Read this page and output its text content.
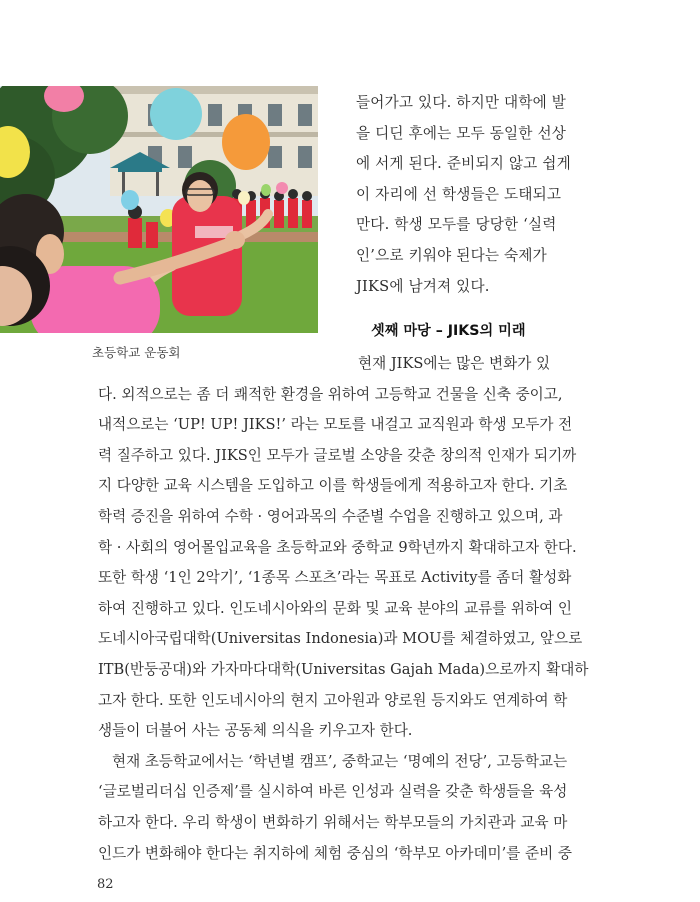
초등학교 운동회
들어가고 있다. 하지만 대학에 발
을 디딘 후에는 모두 동일한 선상
에 서게 된다. 준비되지 않고 쉽게
이 자리에 선 학생들은 도태되고
만다. 학생 모두를 당당한 ‘실력
인’으로 키워야 된다는 숙제가
JIKS에 남겨져 있다.
셋째 마당 – JIKS의 미래
현재 JIKS에는 많은 변화가 있
다. 외적으로는 좀 더 쾌적한 환경을 위하여 고등학교 건물을 신축 중이고,
내적으로는 ‘UP! UP! JIKS!’ 라는 모토를 내걸고 교직원과 학생 모두가 전
력 질주하고 있다. JIKS인 모두가 글로벌 소양을 갖춘 창의적 인재가 되기까
지 다양한 교육 시스템을 도입하고 이를 학생들에게 적용하고자 한다. 기초
학력 증진을 위하여 수학 · 영어과목의 수준별 수업을 진행하고 있으며, 과
학 · 사회의 영어몰입교육을 초등학교와 중학교 9학년까지 확대하고자 한다.
또한 학생 ‘1인 2악기’, ‘1종목 스포츠’라는 목표로 Activity를 좀더 활성화
하여 진행하고 있다. 인도네시아와의 문화 및 교육 분야의 교류를 위하여 인
도네시아국립대학(Universitas Indonesia)과 MOU를 체결하였고, 앞으로
ITB(반둥공대)와 가자마다대학(Universitas Gajah Mada)으로까지 확대하
고자 한다. 또한 인도네시아의 현지 고아원과 양로원 등지와도 연계하여 학
생들이 더불어 사는 공동체 의식을 키우고자 한다.
현재 초등학교에서는 ‘학년별 캠프’, 중학교는 ‘명예의 전당’, 고등학교는
‘글로벌리더십 인증제’를 실시하여 바른 인성과 실력을 갖춘 학생들을 육성
하고자 한다. 우리 학생이 변화하기 위해서는 학부모들의 가치관과 교육 마
인드가 변화해야 한다는 취지하에 체험 중심의 ‘학부모 아카데미’를 준비 중
82
